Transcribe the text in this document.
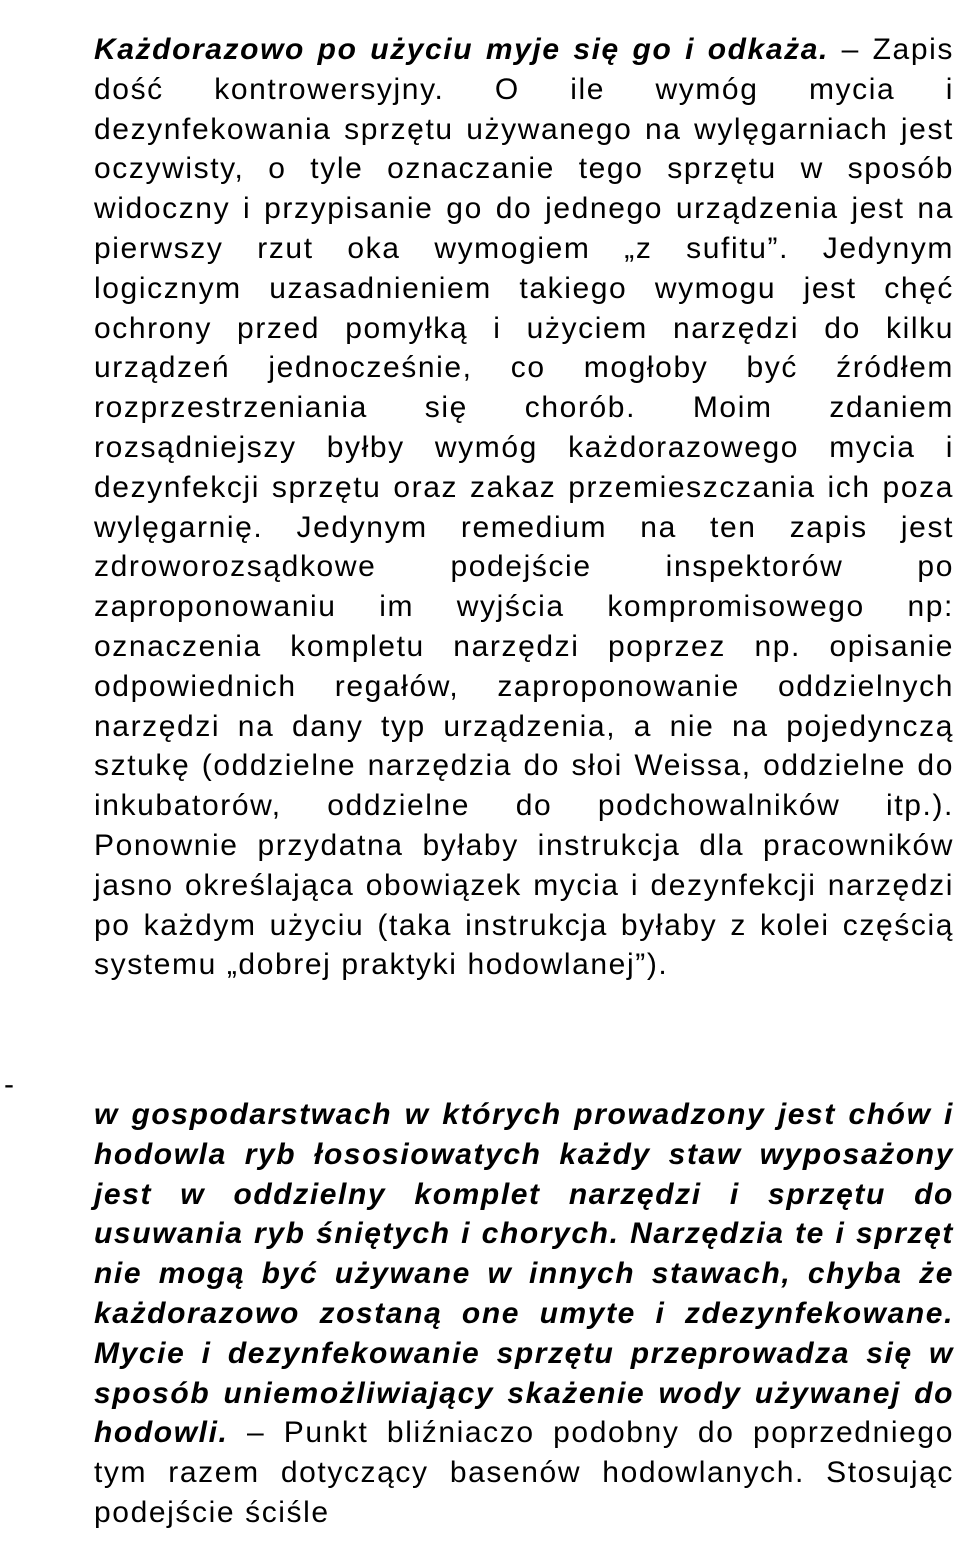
Każdorazowo po użyciu myje się go i odkaża. – Zapis dość kontrowersyjny. O ile wymóg mycia i dezynfekowania sprzętu używanego na wylęgarniach jest oczywisty, o tyle oznaczanie tego sprzętu w sposób widoczny i przypisanie go do jednego urządzenia jest na pierwszy rzut oka wymogiem „z sufitu”. Jedynym logicznym uzasadnieniem takiego wymogu jest chęć ochrony przed pomyłką i użyciem narzędzi do kilku urządzeń jednocześnie, co mogłoby być źródłem rozprzestrzeniania się chorób. Moim zdaniem rozsądniejszy byłby wymóg każdorazowego mycia i dezynfekcji sprzętu oraz zakaz przemieszczania ich poza wylęgarnię. Jedynym remedium na ten zapis jest zdroworozsądkowe podejście inspektorów po zaproponowaniu im wyjścia kompromisowego np: oznaczenia kompletu narzędzi poprzez np. opisanie odpowiednich regałów, zaproponowanie oddzielnych narzędzi na dany typ urządzenia, a nie na pojedynczą sztukę (oddzielne narzędzia do słoi Weissa, oddzielne do inkubatorów, oddzielne do podchowalników itp.). Ponownie przydatna byłaby instrukcja dla pracowników jasno określająca obowiązek mycia i dezynfekcji narzędzi po każdym użyciu (taka instrukcja byłaby z kolei częścią systemu „dobrej praktyki hodowlanej”).

-

w gospodarstwach w których prowadzony jest chów i hodowla ryb łososiowatych każdy staw wyposażony jest w oddzielny komplet narzędzi i sprzętu do usuwania ryb śniętych i chorych. Narzędzia te i sprzęt nie mogą być używane w innych stawach, chyba że każdorazowo zostaną one umyte i zdezynfekowane. Mycie i dezynfekowanie sprzętu przeprowadza się w sposób uniemożliwiający skażenie wody używanej do hodowli. – Punkt bliźniaczo podobny do poprzedniego tym razem dotyczący basenów hodowlanych. Stosując podejście ściśle
